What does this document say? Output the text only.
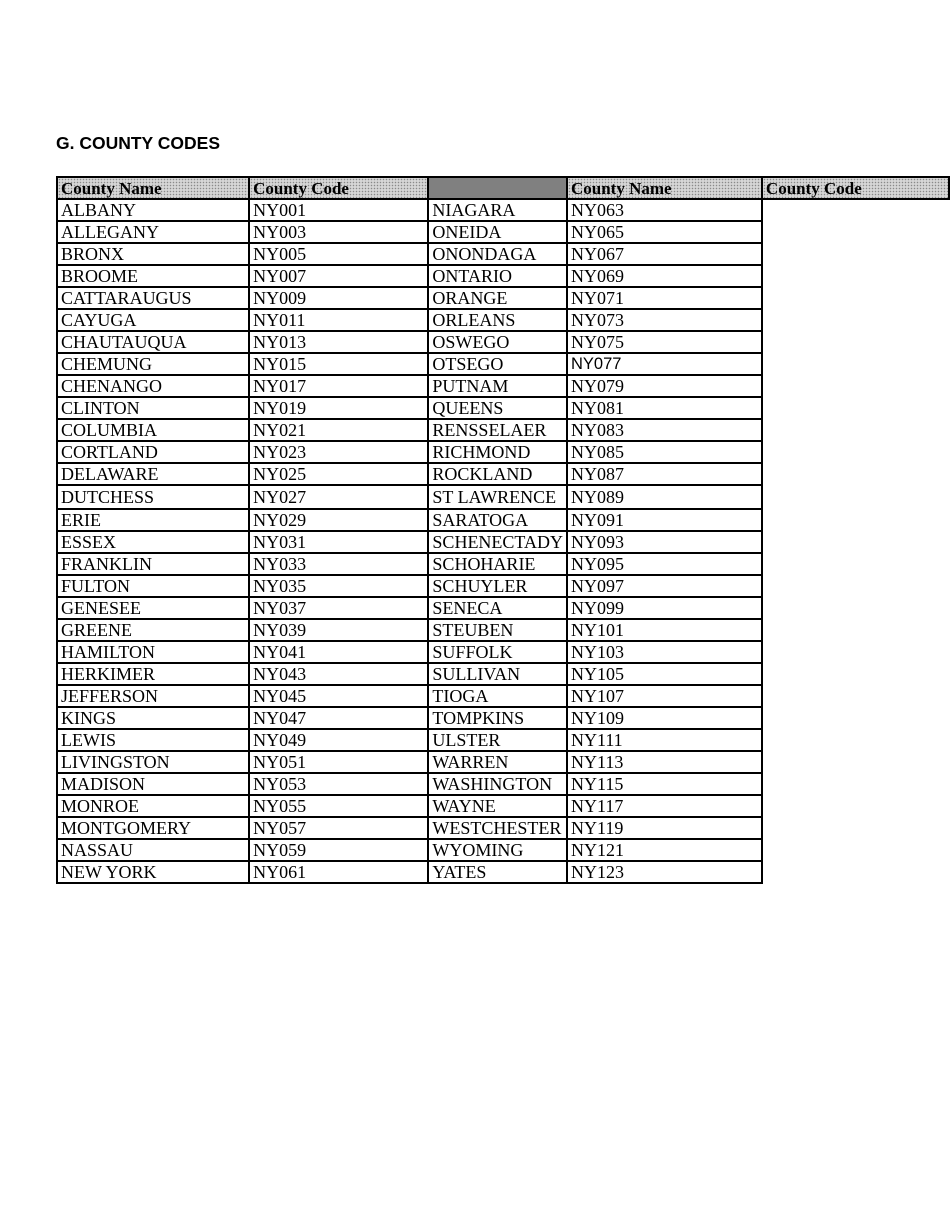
G. COUNTY CODES
County Name	County Code		County Name	County Code
ALBANY	NY001	NIAGARA	NY063	
ALLEGANY	NY003	ONEIDA	NY065	
BRONX	NY005	ONONDAGA	NY067	
BROOME	NY007	ONTARIO	NY069	
CATTARAUGUS	NY009	ORANGE	NY071	
CAYUGA	NY011	ORLEANS	NY073	
CHAUTAUQUA	NY013	OSWEGO	NY075	
CHEMUNG	NY015	OTSEGO	NY077	
CHENANGO	NY017	PUTNAM	NY079	
CLINTON	NY019	QUEENS	NY081	
COLUMBIA	NY021	RENSSELAER	NY083	
CORTLAND	NY023	RICHMOND	NY085	
DELAWARE	NY025	ROCKLAND	NY087	
DUTCHESS	NY027	ST LAWRENCE	NY089	
ERIE	NY029	SARATOGA	NY091	
ESSEX	NY031	SCHENECTADY	NY093	
FRANKLIN	NY033	SCHOHARIE	NY095	
FULTON	NY035	SCHUYLER	NY097	
GENESEE	NY037	SENECA	NY099	
GREENE	NY039	STEUBEN	NY101	
HAMILTON	NY041	SUFFOLK	NY103	
HERKIMER	NY043	SULLIVAN	NY105	
JEFFERSON	NY045	TIOGA	NY107	
KINGS	NY047	TOMPKINS	NY109	
LEWIS	NY049	ULSTER	NY111	
LIVINGSTON	NY051	WARREN	NY113	
MADISON	NY053	WASHINGTON	NY115	
MONROE	NY055	WAYNE	NY117	
MONTGOMERY	NY057	WESTCHESTER	NY119	
NASSAU	NY059	WYOMING	NY121	
NEW YORK	NY061	YATES	NY123	
